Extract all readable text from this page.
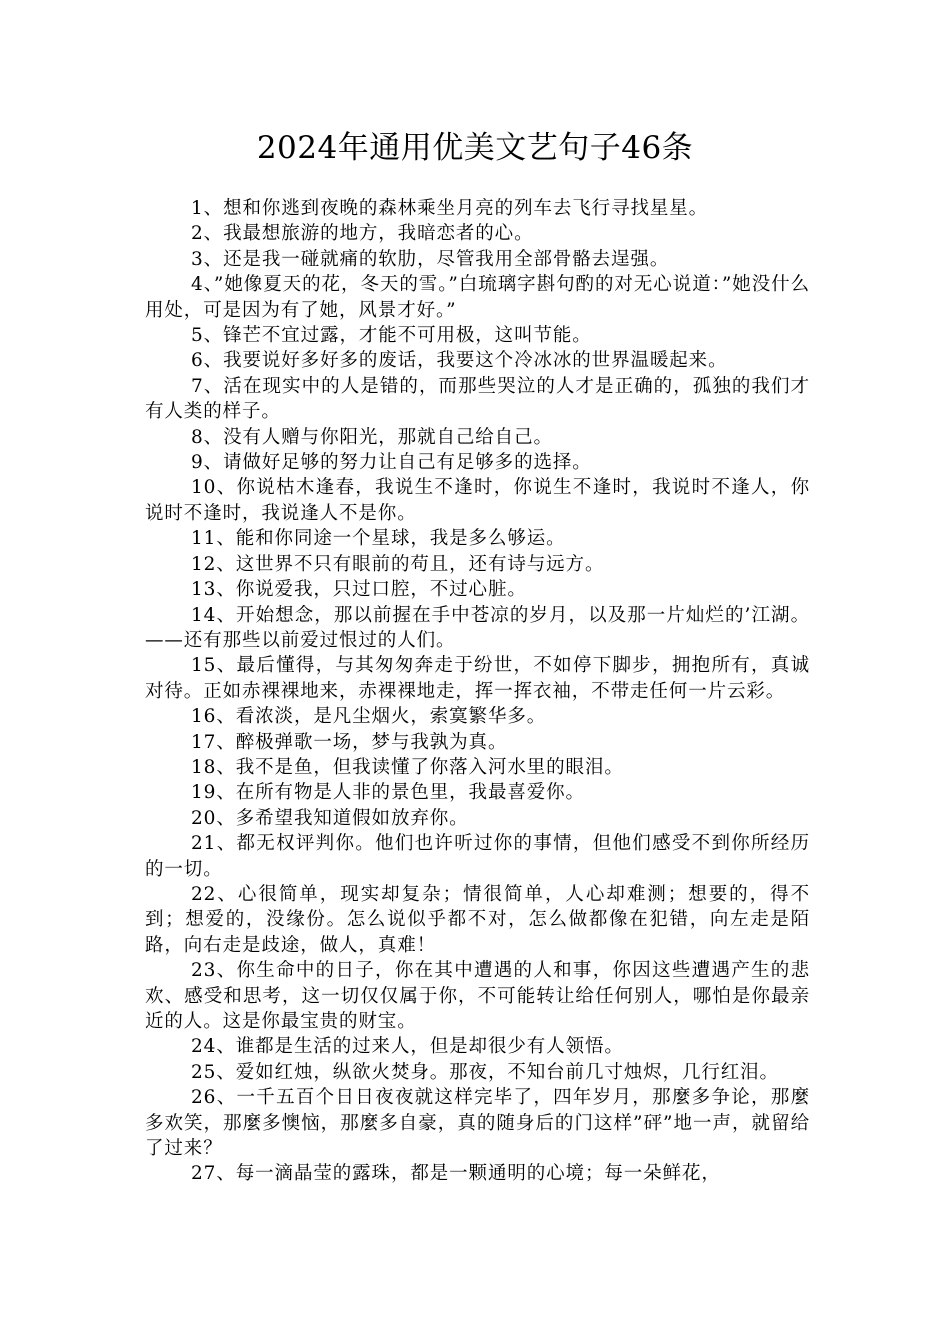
2024年通用优美文艺句子46条

1、想和你逃到夜晚的森林乘坐月亮的列车去飞行寻找星星。

2、我最想旅游的地方，我暗恋者的心。

3、还是我一碰就痛的软肋，尽管我用全部骨骼去逞强。

4、”她像夏天的花，冬天的雪。”白琉璃字斟句酌的对无心说道：”她没什么用处，可是因为有了她，风景才好。”

5、锋芒不宜过露，才能不可用极，这叫节能。

6、我要说好多好多的废话，我要这个冷冰冰的世界温暖起来。

7、活在现实中的人是错的，而那些哭泣的人才是正确的，孤独的我们才有人类的样子。

8、没有人赠与你阳光，那就自己给自己。

9、请做好足够的努力让自己有足够多的选择。

10、你说枯木逢春，我说生不逢时，你说生不逢时，我说时不逢人，你说时不逢时，我说逢人不是你。

11、能和你同途一个星球，我是多么够运。

12、这世界不只有眼前的苟且，还有诗与远方。

13、你说爱我，只过口腔，不过心脏。

14、开始想念，那以前握在手中苍凉的岁月，以及那一片灿烂的’江湖。——还有那些以前爱过恨过的人们。

15、最后懂得，与其匆匆奔走于纷世，不如停下脚步，拥抱所有，真诚对待。正如赤裸裸地来，赤裸裸地走，挥一挥衣袖，不带走任何一片云彩。

16、看浓淡，是凡尘烟火，索寞繁华多。

17、醉极弹歌一场，梦与我孰为真。

18、我不是鱼，但我读懂了你落入河水里的眼泪。

19、在所有物是人非的景色里，我最喜爱你。

20、多希望我知道假如放弃你。

21、都无权评判你。他们也许听过你的事情，但他们感受不到你所经历的一切。

22、心很简单，现实却复杂；情很简单，人心却难测；想要的，得不到；想爱的，没缘份。怎么说似乎都不对，怎么做都像在犯错，向左走是陌路，向右走是歧途，做人，真难！

23、你生命中的日子，你在其中遭遇的人和事，你因这些遭遇产生的悲欢、感受和思考，这一切仅仅属于你，不可能转让给任何别人，哪怕是你最亲近的人。这是你最宝贵的财宝。

24、谁都是生活的过来人，但是却很少有人领悟。

25、爱如红烛，纵欲火焚身。那夜，不知台前几寸烛烬，几行红泪。

26、一千五百个日日夜夜就这样完毕了，四年岁月，那麼多争论，那麼多欢笑，那麼多懊恼，那麼多自豪，真的随身后的门这样”砰”地一声，就留给了过来？

27、每一滴晶莹的露珠，都是一颗通明的心境；每一朵鲜花，
